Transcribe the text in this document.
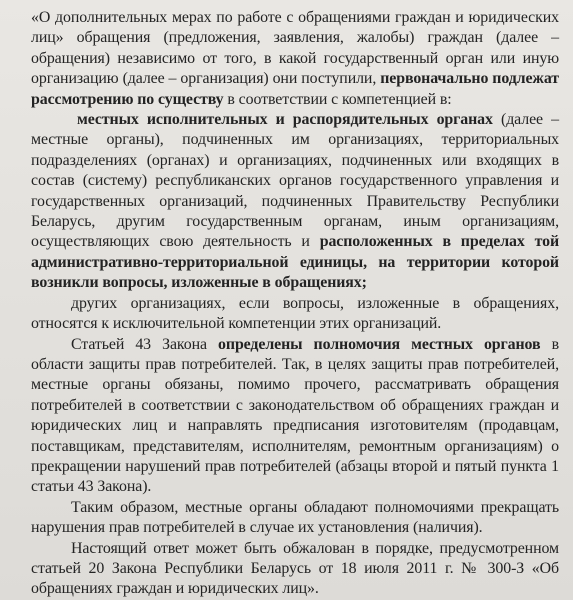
«О дополнительных мерах по работе с обращениями граждан и юридических лиц» обращения (предложения, заявления, жалобы) граждан (далее – обращения) независимо от того, в какой государственный орган или иную организацию (далее – организация) они поступили, первоначально подлежат рассмотрению по существу в соответствии с компетенцией в:

местных исполнительных и распорядительных органах (далее – местные органы), подчиненных им организациях, территориальных подразделениях (органах) и организациях, подчиненных или входящих в состав (систему) республиканских органов государственного управления и государственных организаций, подчиненных Правительству Республики Беларусь, другим государственным органам, иным организациям, осуществляющих свою деятельность и расположенных в пределах той административно-территориальной единицы, на территории которой возникли вопросы, изложенные в обращениях;

других организациях, если вопросы, изложенные в обращениях, относятся к исключительной компетенции этих организаций.

Статьей 43 Закона определены полномочия местных органов в области защиты прав потребителей. Так, в целях защиты прав потребителей, местные органы обязаны, помимо прочего, рассматривать обращения потребителей в соответствии с законодательством об обращениях граждан и юридических лиц и направлять предписания изготовителям (продавцам, поставщикам, представителям, исполнителям, ремонтным организациям) о прекращении нарушений прав потребителей (абзацы второй и пятый пункта 1 статьи 43 Закона).

Таким образом, местные органы обладают полномочиями прекращать нарушения прав потребителей в случае их установления (наличия).

Настоящий ответ может быть обжалован в порядке, предусмотренном статьей 20 Закона Республики Беларусь от 18 июля 2011 г. № 300-З «Об обращениях граждан и юридических лиц».
